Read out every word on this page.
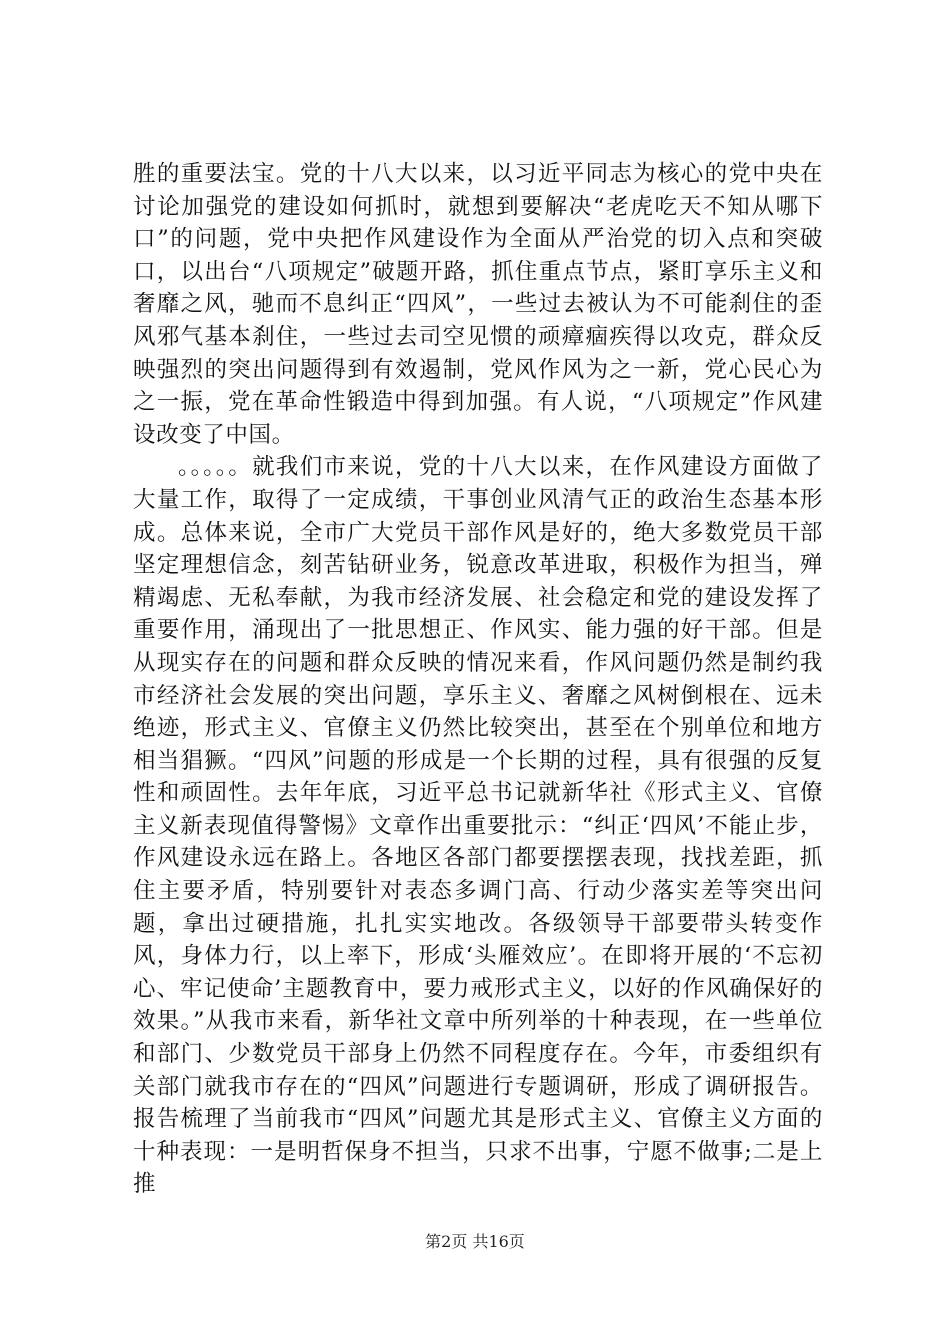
胜的重要法宝。党的十八大以来，以习近平同志为核心的党中央在讨论加强党的建设如何抓时，就想到要解决“老虎吃天不知从哪下口”的问题，党中央把作风建设作为全面从严治党的切入点和突破口，以出台“八项规定”破题开路，抓住重点节点，紧盯享乐主义和奢靡之风，驰而不息纠正“四风”，一些过去被认为不可能刹住的歪风邪气基本刹住，一些过去司空见惯的顽瘴痼疾得以攻克，群众反映强烈的突出问题得到有效遏制，党风作风为之一新，党心民心为之一振，党在革命性锻造中得到加强。有人说，“八项规定”作风建设改变了中国。

。。。。。就我们市来说，党的十八大以来，在作风建设方面做了大量工作，取得了一定成绩，干事创业风清气正的政治生态基本形成。总体来说，全市广大党员干部作风是好的，绝大多数党员干部坚定理想信念，刻苦钻研业务，锐意改革进取，积极作为担当，殚精竭虑、无私奉献，为我市经济发展、社会稳定和党的建设发挥了重要作用，涌现出了一批思想正、作风实、能力强的好干部。但是从现实存在的问题和群众反映的情况来看，作风问题仍然是制约我市经济社会发展的突出问题，享乐主义、奢靡之风树倒根在、远未绝迹，形式主义、官僚主义仍然比较突出，甚至在个别单位和地方相当猖獗。“四风”问题的形成是一个长期的过程，具有很强的反复性和顽固性。去年年底，习近平总书记就新华社《形式主义、官僚主义新表现值得警惕》文章作出重要批示：“纠正‘四风’不能止步，作风建设永远在路上。各地区各部门都要摆摆表现，找找差距，抓住主要矛盾，特别要针对表态多调门高、行动少落实差等突出问题，拿出过硬措施，扎扎实实地改。各级领导干部要带头转变作风，身体力行，以上率下，形成‘头雁效应’。在即将开展的‘不忘初心、牢记使命’主题教育中，要力戒形式主义，以好的作风确保好的效果。”从我市来看，新华社文章中所列举的十种表现，在一些单位和部门、少数党员干部身上仍然不同程度存在。今年，市委组织有关部门就我市存在的“四风”问题进行专题调研，形成了调研报告。报告梳理了当前我市“四风”问题尤其是形式主义、官僚主义方面的十种表现：一是明哲保身不担当，只求不出事，宁愿不做事;二是上推

第2页 共16页
